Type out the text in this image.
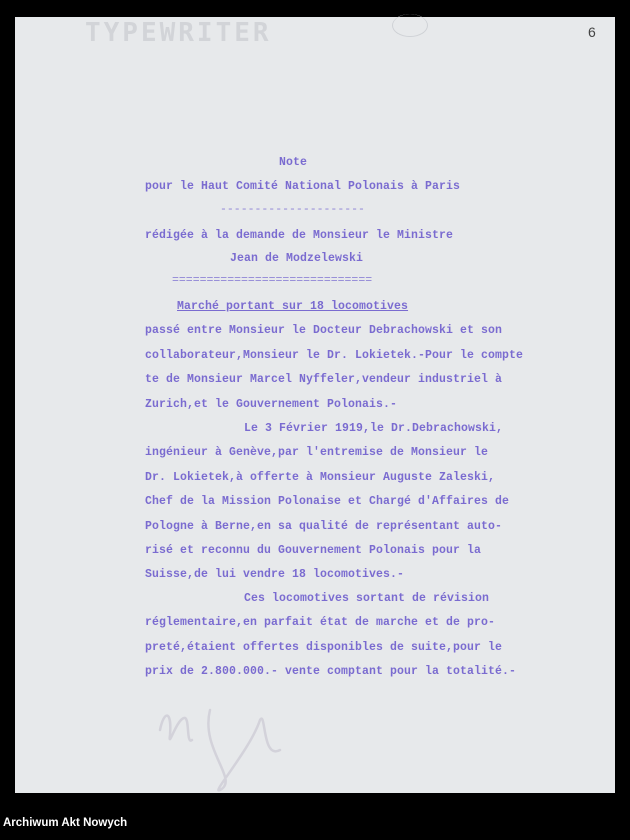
TYPEWRITER	6
Note
pour le Haut Comité National Polonais à Paris
---------------------
rédigée à la demande de Monsieur le Ministre
Jean de Modzelewski
=============================
Marché portant sur 18 locomotives
passé entre Monsieur le Docteur Debrachowski et son
collaborateur,Monsieur le Dr. Lokietek.-Pour le compte
te de Monsieur Marcel Nyffeler,vendeur industriel à
Zurich,et le Gouvernement Polonais.-
Le 3 Février 1919,le Dr.Debrachowski,
ingénieur à Genève,par l'entremise de Monsieur le
Dr. Lokietek,à offerte à Monsieur Auguste Zaleski,
Chef de la Mission Polonaise et Chargé d'Affaires de
Pologne à Berne,en sa qualité de représentant auto-
risé et reconnu du Gouvernement Polonais pour la
Suisse,de lui vendre 18 locomotives.-
Ces locomotives sortant de révision
réglementaire,en parfait état de marche et de pro-
preté,étaient offertes disponibles de suite,pour le
prix de 2.800.000.- vente comptant pour la totalité.-
Archiwum Akt Nowych
